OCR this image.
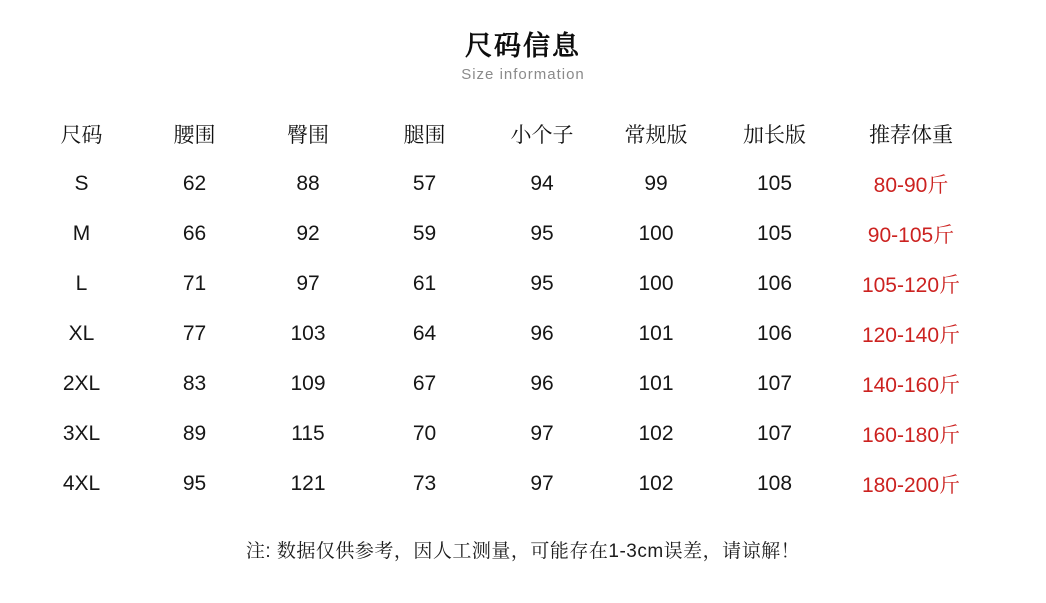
尺码信息
Size information
尺码	腰围	臀围	腿围	小个子	常规版	加长版	推荐体重
S	62	88	57	94	99	105	80-90斤
M	66	92	59	95	100	105	90-105斤
L	71	97	61	95	100	106	105-120斤
XL	77	103	64	96	101	106	120-140斤
2XL	83	109	67	96	101	107	140-160斤
3XL	89	115	70	97	102	107	160-180斤
4XL	95	121	73	97	102	108	180-200斤
注: 数据仅供参考，因人工测量，可能存在1-3cm误差，请谅解！
